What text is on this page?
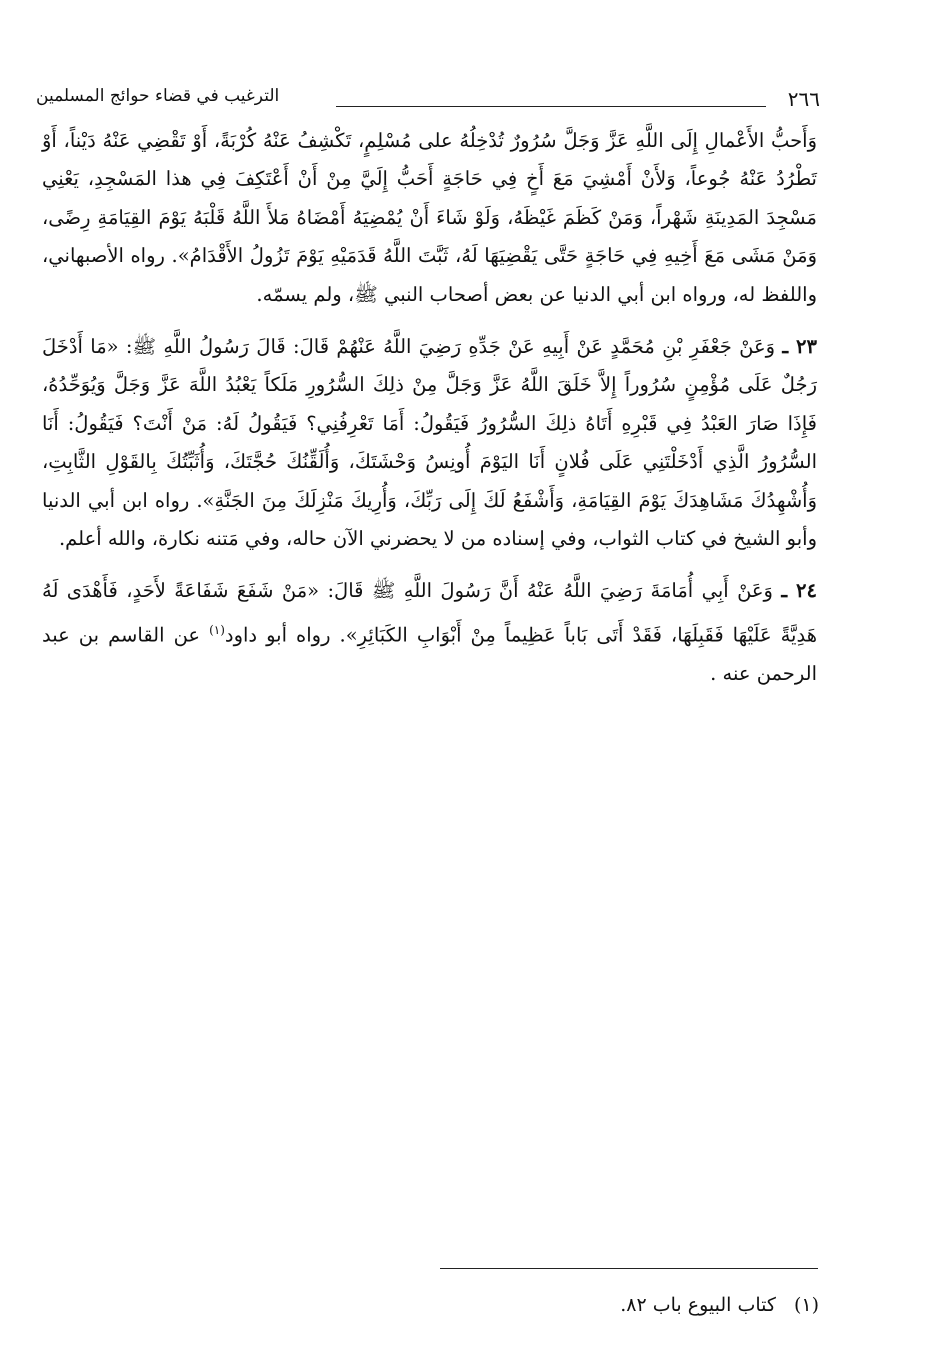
٢٦٦
الترغيب في قضاء حوائج المسلمين

وَأَحبُّ الأَعْمالِ إِلَى اللَّهِ عَزَّ وَجَلَّ سُرُورٌ تُدْخِلُهُ على مُسْلِمٍ، تَكْشِفُ عَنْهُ كُرْبَةً، أَوْ تَقْضِي عَنْهُ دَيْناً، أَوْ تَطْرُدُ عَنْهُ جُوعاً، وَلأَنْ أَمْشِيَ مَعَ أَخٍ فِي حَاجَةٍ أَحَبُّ إِلَيَّ مِنْ أَنْ أَعْتَكِفَ فِي هذا المَسْجِدِ، يَعْنِي مَسْجِدَ المَدِينَةِ شَهْراً، وَمَنْ كَظَمَ غَيْظَهُ، وَلَوْ شَاءَ أَنْ يُمْضِيَهُ أَمْضَاهُ مَلأَ اللَّهُ قَلْبَهُ يَوْمَ القِيَامَةِ رِضًى، وَمَنْ مَشَى مَعَ أَخِيهِ فِي حَاجَةٍ حَتَّى يَقْضِيَهَا لَهُ، ثَبَّتَ اللَّهُ قَدَمَيْهِ يَوْمَ تَزُولُ الأَقْدَامُ». رواه الأصبهاني، واللفظ له، ورواه ابن أبي الدنيا عن بعض أصحاب النبي ﷺ، ولم يسمّه.

٢٣ ـ وَعَنْ جَعْفَرِ بْنِ مُحَمَّدٍ عَنْ أَبِيهِ عَنْ جَدِّهِ رَضِيَ اللَّهُ عَنْهُمْ قَالَ: قَالَ رَسُولُ اللَّهِ ﷺ: «مَا أَدْخَلَ رَجُلٌ عَلَى مُؤْمِنٍ سُرُوراً إِلاَّ خَلَقَ اللَّهُ عَزَّ وَجَلَّ مِنْ ذلِكَ السُّرُورِ مَلَكاً يَعْبُدُ اللَّهَ عَزَّ وَجَلَّ وَيُوَحِّدُهُ، فَإِذَا صَارَ العَبْدُ فِي قَبْرِهِ أَتَاهُ ذلِكَ السُّرُورُ فَيَقُولُ: أَمَا تَعْرِفُنِي؟ فَيَقُولُ لَهُ: مَنْ أَنْتَ؟ فَيَقُولُ: أَنَا السُّرُورُ الَّذِي أَدْخَلْتَنِي عَلَى فُلانٍ أَنَا اليَوْمَ أُونِسُ وَحْشَتَكَ، وَأُلَقِّنُكَ حُجَّتَكَ، وَأُثَبِّتُكَ بِالقَوْلِ الثَّابِتِ، وَأُشْهِدُكَ مَشَاهِدَكَ يَوْمَ القِيَامَةِ، وَأَشْفَعُ لَكَ إِلَى رَبِّكَ، وَأُرِيكَ مَنْزِلَكَ مِنَ الجَنَّةِ». رواه ابن أبي الدنيا وأبو الشيخ في كتاب الثواب، وفي إسناده من لا يحضرني الآن حاله، وفي مَتنه نكارة، والله أعلم.

٢٤ ـ وَعَنْ أَبِي أُمَامَةَ رَضِيَ اللَّهُ عَنْهُ أَنَّ رَسُولَ اللَّهِ ﷺ قَالَ: «مَنْ شَفَعَ شَفَاعَةً لأَحَدٍ، فَأَهْدَى لَهُ هَدِيَّةً عَلَيْهَا فَقَبِلَهَا، فَقَدْ أَتَى بَاباً عَظِيماً مِنْ أَبْوَابِ الكَبَائِرِ». رواه أبو داود$^{(١)}$ عن القاسم بن عبد الرحمن عنه .

(١)كتاب البيوع باب ٨٢.
